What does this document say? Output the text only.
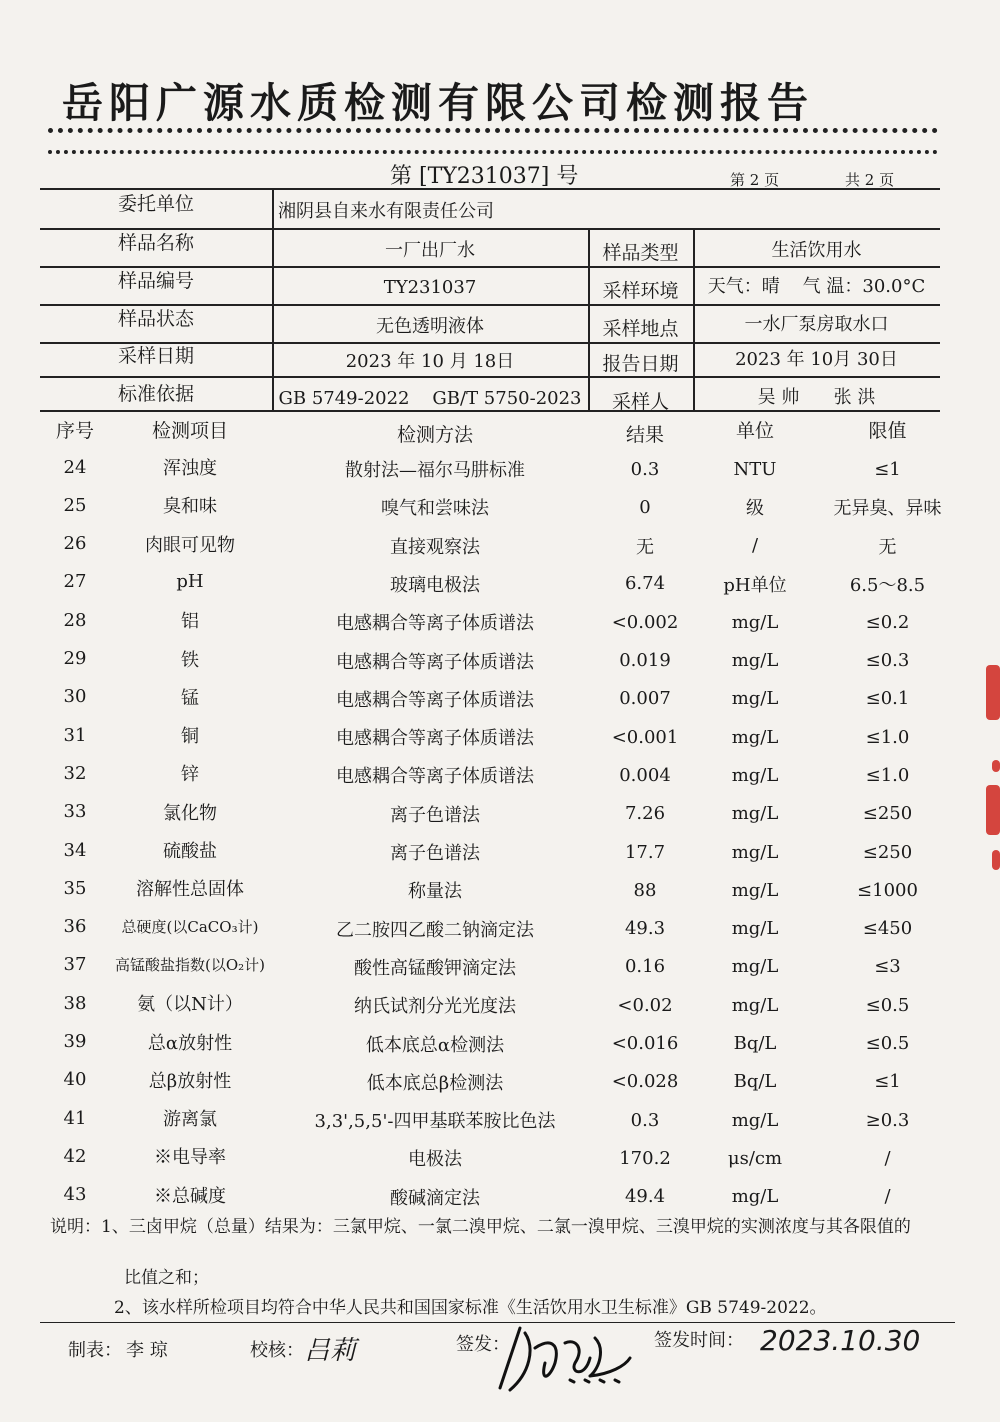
岳阳广源水质检测有限公司检测报告
第 [TY231037] 号	第 2 页	共 2 页
委托单位	湘阴县自来水有限责任公司
样品名称	一厂出厂水	样品类型	生活饮用水
样品编号	TY231037	采样环境	天气：晴    气 温：30.0°C
样品状态	无色透明液体	采样地点	一水厂泵房取水口
采样日期	2023 年 10 月 18日	报告日期	2023 年 10月 30日
标准依据	GB 5749-2022    GB/T 5750-2023	采样人	吴 帅      张 洪
序号	检测项目	检测方法	结果	单位	限值
24	浑浊度	散射法—福尔马肼标准	0.3	NTU	≤1
25	臭和味	嗅气和尝味法	0	级	无异臭、异味
26	肉眼可见物	直接观察法	无	/	无
27	pH	玻璃电极法	6.74	pH单位	6.5～8.5
28	铝	电感耦合等离子体质谱法	<0.002	mg/L	≤0.2
29	铁	电感耦合等离子体质谱法	0.019	mg/L	≤0.3
30	锰	电感耦合等离子体质谱法	0.007	mg/L	≤0.1
31	铜	电感耦合等离子体质谱法	<0.001	mg/L	≤1.0
32	锌	电感耦合等离子体质谱法	0.004	mg/L	≤1.0
33	氯化物	离子色谱法	7.26	mg/L	≤250
34	硫酸盐	离子色谱法	17.7	mg/L	≤250
35	溶解性总固体	称量法	88	mg/L	≤1000
36	总硬度(以CaCO₃计)	乙二胺四乙酸二钠滴定法	49.3	mg/L	≤450
37	高锰酸盐指数(以O₂计)	酸性高锰酸钾滴定法	0.16	mg/L	≤3
38	氨（以N计）	纳氏试剂分光光度法	<0.02	mg/L	≤0.5
39	总α放射性	低本底总α检测法	<0.016	Bq/L	≤0.5
40	总β放射性	低本底总β检测法	<0.028	Bq/L	≤1
41	游离氯	3,3',5,5'-四甲基联苯胺比色法	0.3	mg/L	≥0.3
42	※电导率	电极法	170.2	μs/cm	/
43	※总碱度	酸碱滴定法	49.4	mg/L	/
说明：1、三卤甲烷（总量）结果为：三氯甲烷、一氯二溴甲烷、二氯一溴甲烷、三溴甲烷的实测浓度与其各限值的
比值之和；
2、该水样所检项目均符合中华人民共和国国家标准《生活饮用水卫生标准》GB 5749-2022。
制表： 李 琼	校核： 吕莉	签发：	签发时间： 2023.10.30
